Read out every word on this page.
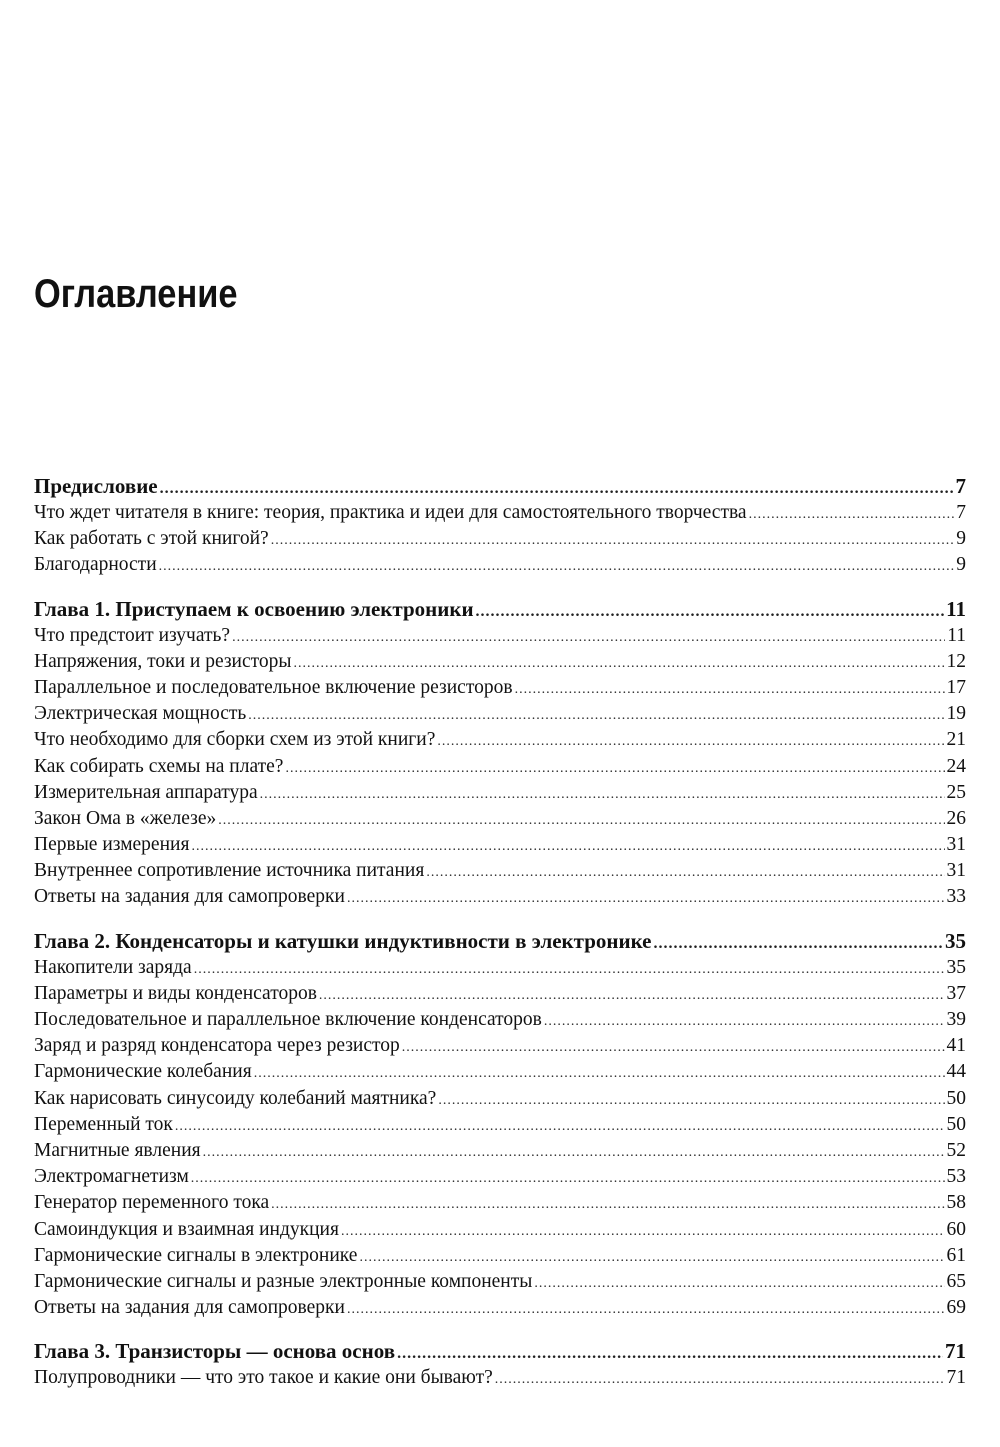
Оглавление
Предисловие .....	7
Что ждет читателя в книге: теория, практика и идеи для самостоятельного творчества .....	7
Как работать с этой книгой? .....	9
Благодарности .....	9
Глава 1. Приступаем к освоению электроники .....	11
Что предстоит изучать? .....	11
Напряжения, токи и резисторы .....	12
Параллельное и последовательное включение резисторов .....	17
Электрическая мощность .....	19
Что необходимо для сборки схем из этой книги? .....	21
Как собирать схемы на плате? .....	24
Измерительная аппаратура .....	25
Закон Ома в «железе» .....	26
Первые измерения .....	31
Внутреннее сопротивление источника питания .....	31
Ответы на задания для самопроверки .....	33
Глава 2. Конденсаторы и катушки индуктивности в электронике .....	35
Накопители заряда .....	35
Параметры и виды конденсаторов .....	37
Последовательное и параллельное включение конденсаторов .....	39
Заряд и разряд конденсатора через резистор .....	41
Гармонические колебания .....	44
Как нарисовать синусоиду колебаний маятника? .....	50
Переменный ток .....	50
Магнитные явления .....	52
Электромагнетизм .....	53
Генератор переменного тока .....	58
Самоиндукция и взаимная индукция .....	60
Гармонические сигналы в электронике .....	61
Гармонические сигналы и разные электронные компоненты .....	65
Ответы на задания для самопроверки .....	69
Глава 3. Транзисторы — основа основ .....	71
Полупроводники — что это такое и какие они бывают? .....	71
